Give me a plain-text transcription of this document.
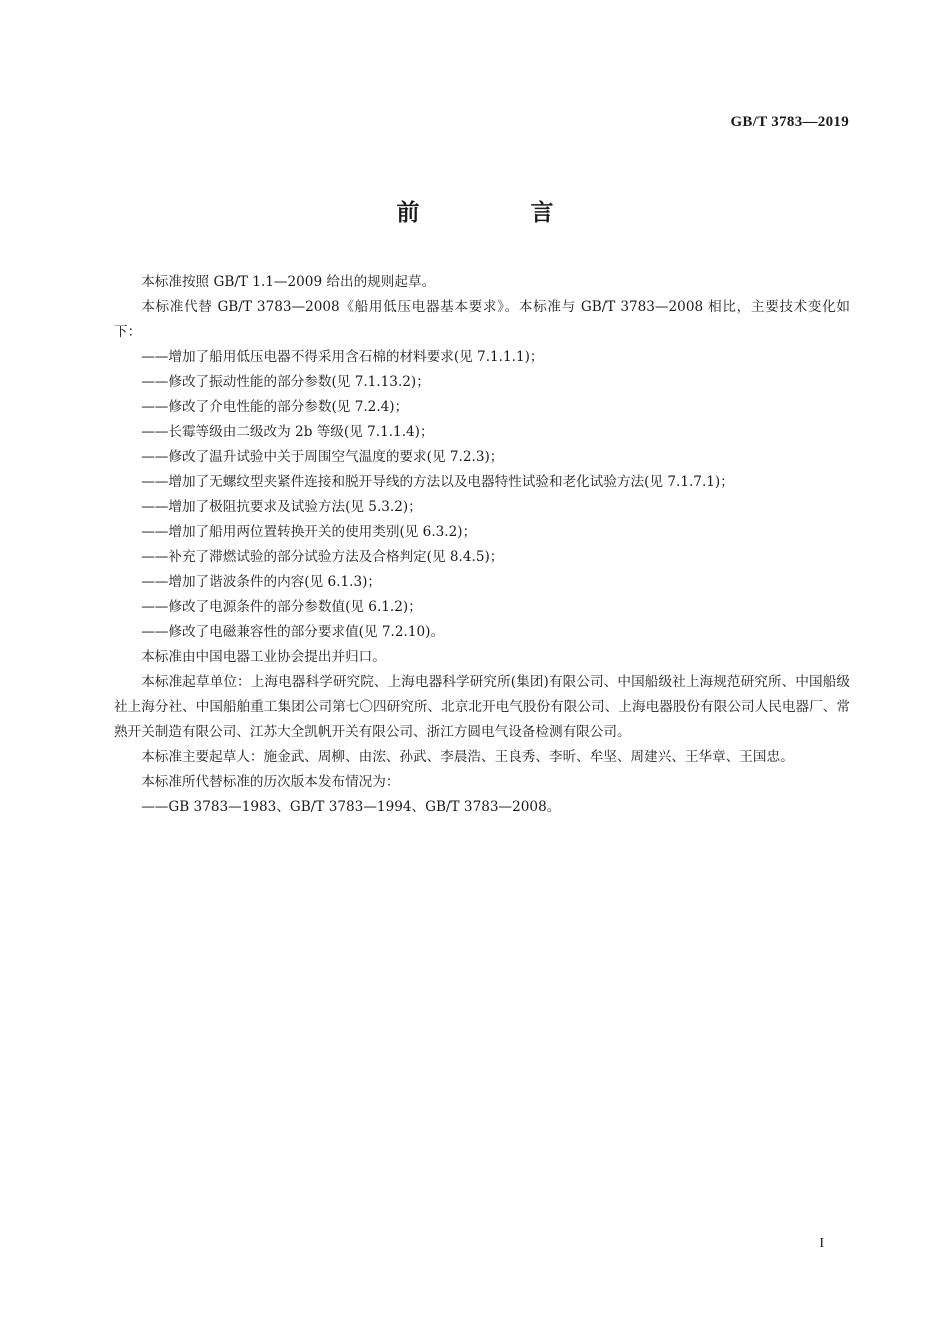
GB/T 3783—2019
前　言

本标准按照 GB/T 1.1—2009 给出的规则起草。

本标准代替 GB/T 3783—2008《船用低压电器基本要求》。本标准与 GB/T 3783—2008 相比，主要技术变化如下：

——增加了船用低压电器不得采用含石棉的材料要求(见 7.1.1.1)；
——修改了振动性能的部分参数(见 7.1.13.2)；
——修改了介电性能的部分参数(见 7.2.4)；
——长霉等级由二级改为 2b 等级(见 7.1.1.4)；
——修改了温升试验中关于周围空气温度的要求(见 7.2.3)；
——增加了无螺纹型夹紧件连接和脱开导线的方法以及电器特性试验和老化试验方法(见 7.1.7.1)；
——增加了极阻抗要求及试验方法(见 5.3.2)；
——增加了船用两位置转换开关的使用类别(见 6.3.2)；
——补充了滞燃试验的部分试验方法及合格判定(见 8.4.5)；
——增加了谐波条件的内容(见 6.1.3)；
——修改了电源条件的部分参数值(见 6.1.2)；
——修改了电磁兼容性的部分要求值(见 7.2.10)。

本标准由中国电器工业协会提出并归口。

本标准起草单位：上海电器科学研究院、上海电器科学研究所(集团)有限公司、中国船级社上海规范研究所、中国船级社上海分社、中国船舶重工集团公司第七〇四研究所、北京北开电气股份有限公司、上海电器股份有限公司人民电器厂、常熟开关制造有限公司、江苏大全凯帆开关有限公司、浙江方圆电气设备检测有限公司。

本标准主要起草人：施金武、周柳、由浤、孙武、李晨浩、王良秀、李昕、牟坚、周建兴、王华章、王国忠。

本标准所代替标准的历次版本发布情况为：

——GB 3783—1983、GB/T 3783—1994、GB/T 3783—2008。
I
